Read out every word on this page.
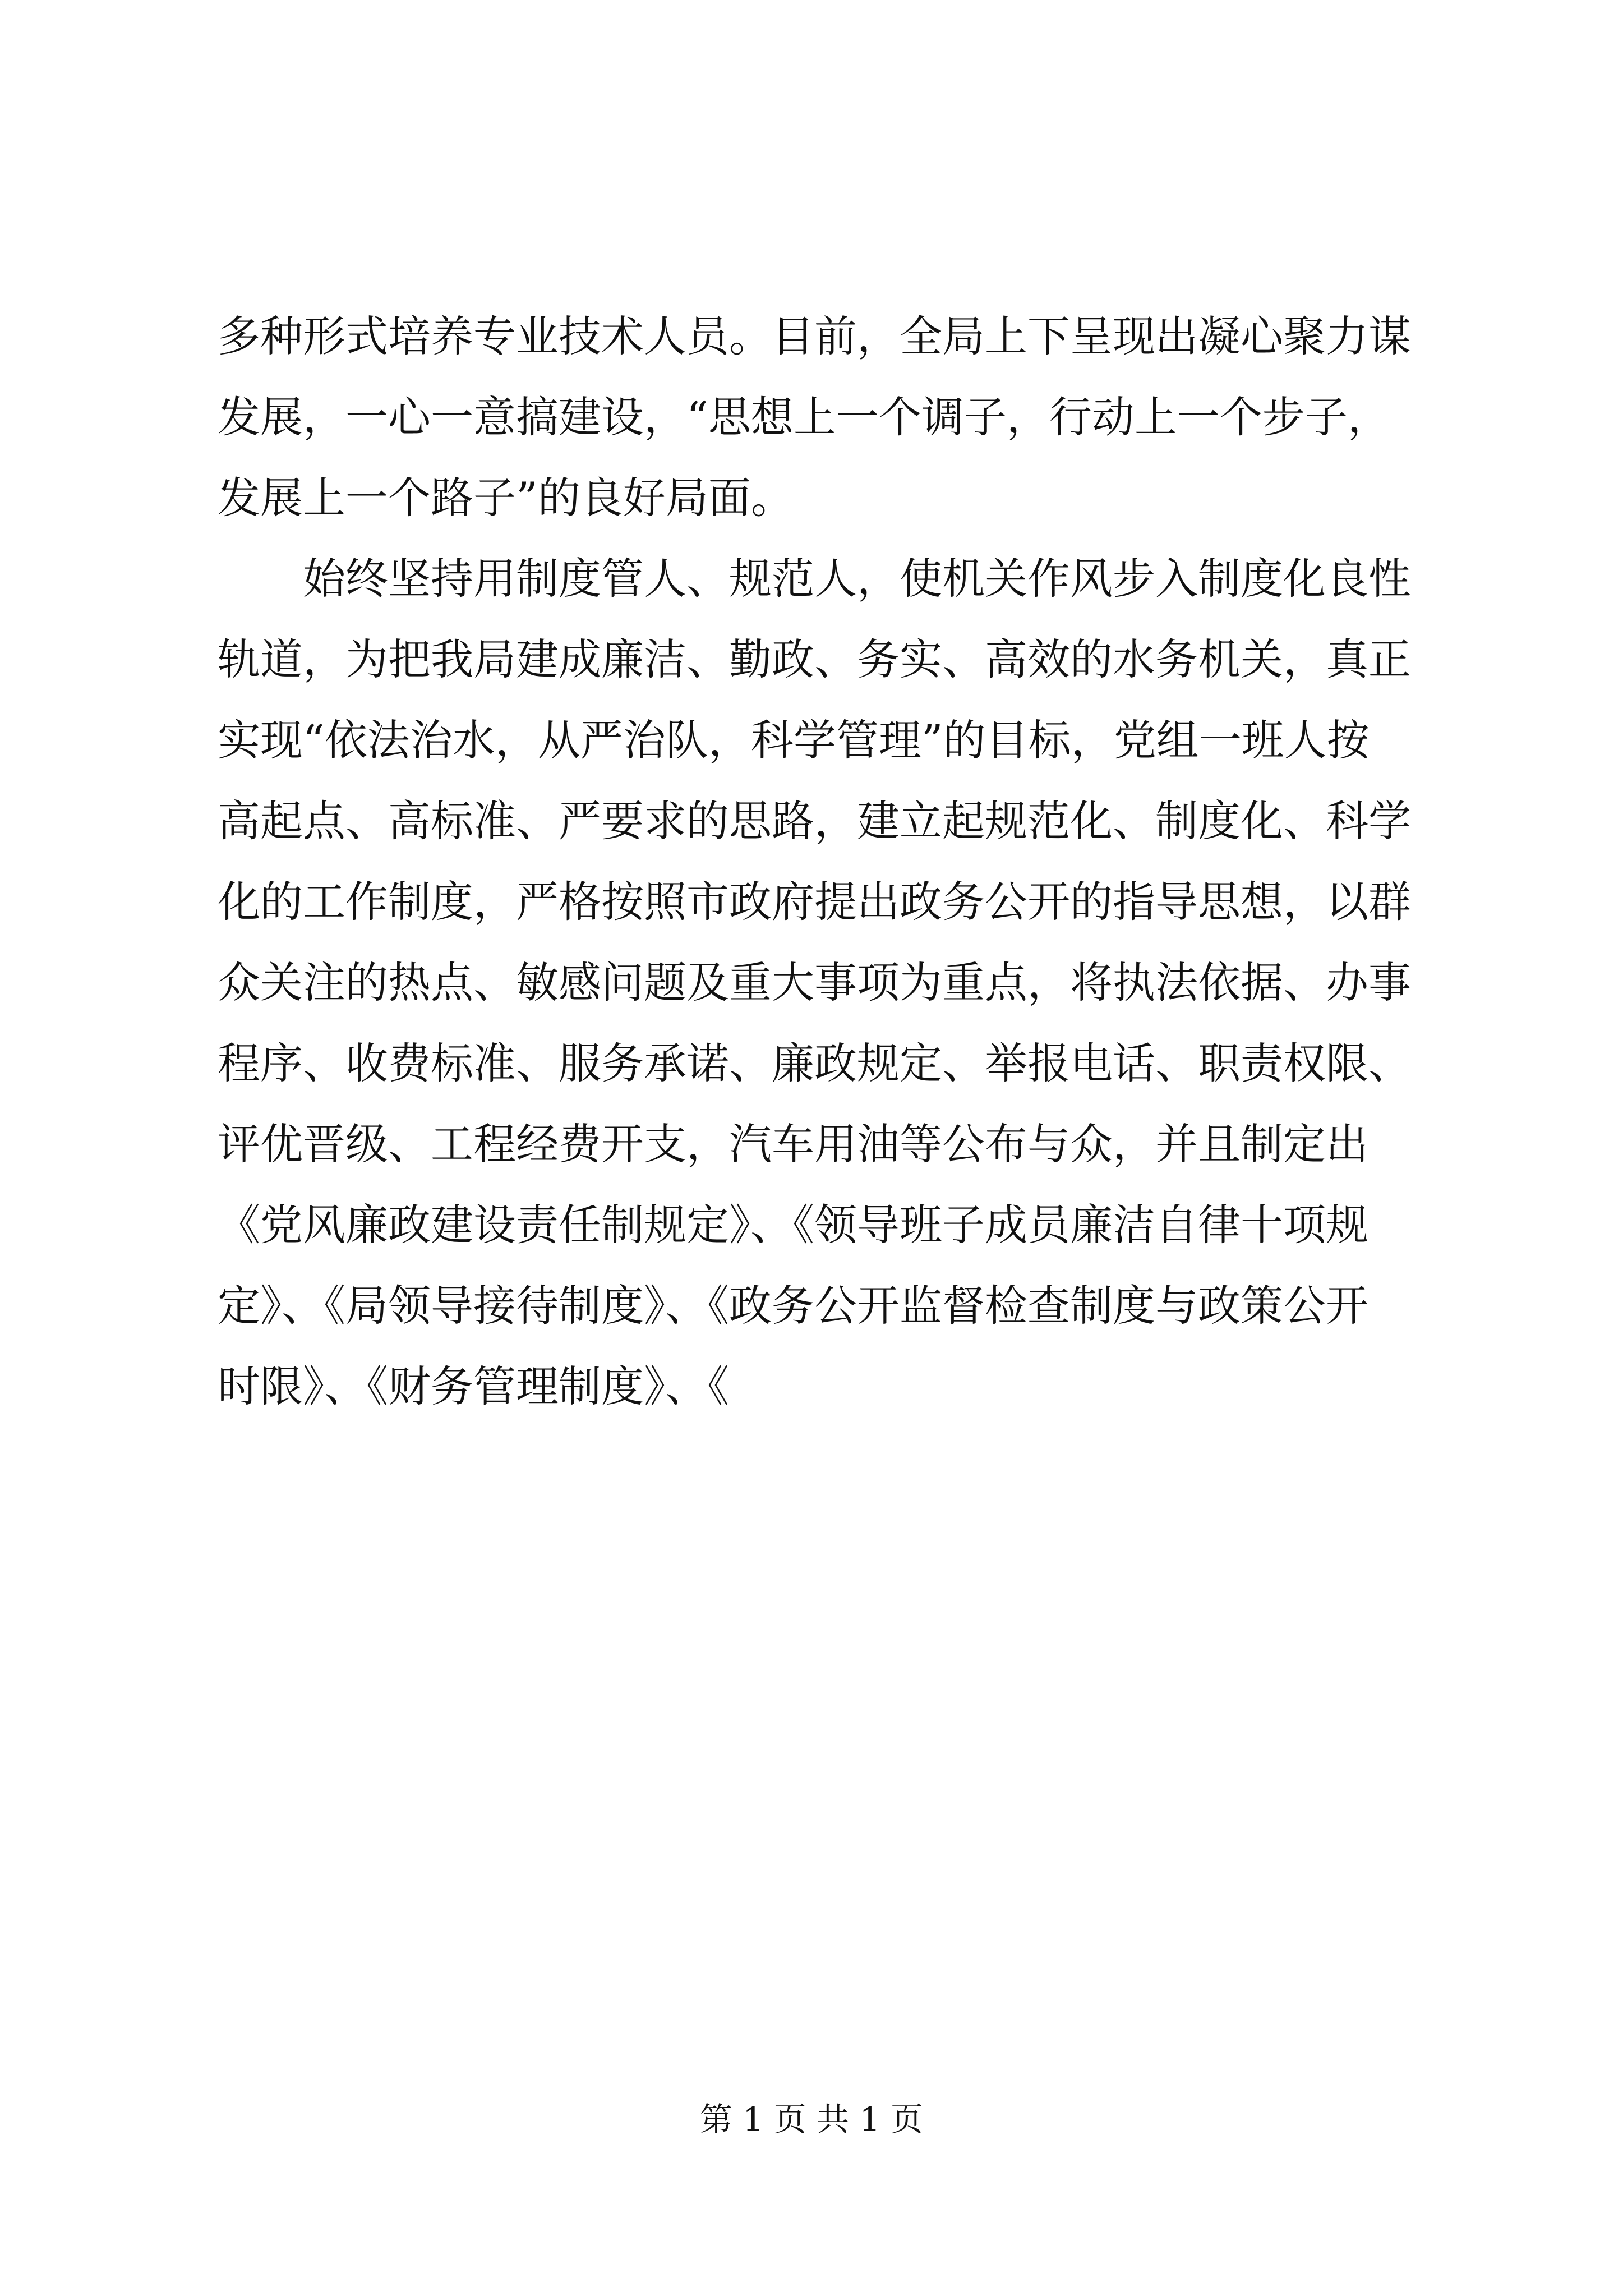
多种形式培养专业技术人员。目前，全局上下呈现出凝心聚力谋
发展，一心一意搞建设，“思想上一个调子，行动上一个步子，
发展上一个路子”的良好局面。
　　始终坚持用制度管人、规范人，使机关作风步入制度化良性
轨道，为把我局建成廉洁、勤政、务实、高效的水务机关，真正
实现“依法治水，从严治队，科学管理”的目标，党组一班人按
高起点、高标准、严要求的思路，建立起规范化、制度化、科学
化的工作制度，严格按照市政府提出政务公开的指导思想，以群
众关注的热点、敏感问题及重大事项为重点，将执法依据、办事
程序、收费标准、服务承诺、廉政规定、举报电话、职责权限、
评优晋级、工程经费开支，汽车用油等公布与众，并且制定出
《党风廉政建设责任制规定》、《领导班子成员廉洁自律十项规
定》、《局领导接待制度》、《政务公开监督检查制度与政策公开
时限》、《财务管理制度》、《
第 1 页 共 1 页
